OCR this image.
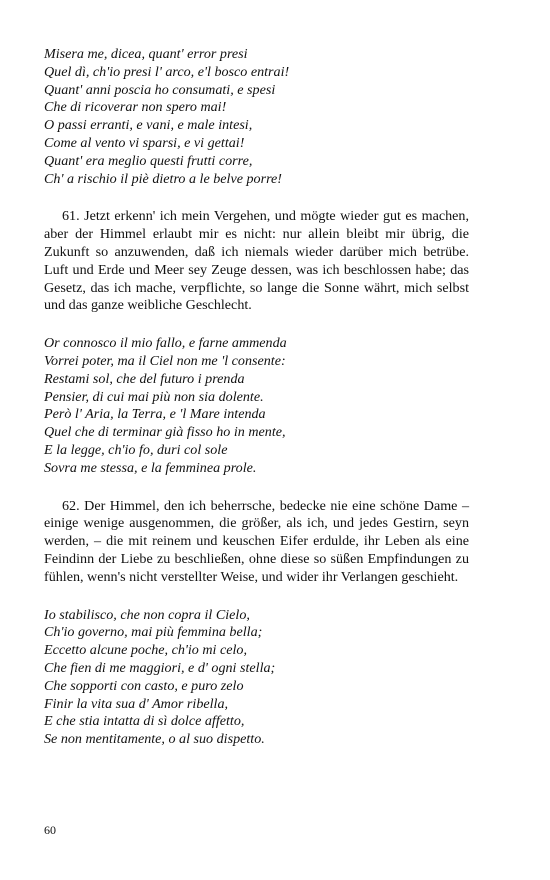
Misera me, dicea, quant' error presi
Quel dì, ch'io presi l' arco, e'l bosco entrai!
Quant' anni poscia ho consumati, e spesi
Che di ricoverar non spero mai!
O passi erranti, e vani, e male intesi,
Come al vento vi sparsi, e vi gettai!
Quant' era meglio questi frutti corre,
Ch' a rischio il piè dietro a le belve porre!

61. Jetzt erkenn' ich mein Vergehen, und mögte wieder gut es machen, aber der Himmel erlaubt mir es nicht: nur allein bleibt mir übrig, die Zukunft so anzuwenden, daß ich niemals wieder darüber mich betrübe. Luft und Erde und Meer sey Zeuge dessen, was ich beschlossen habe; das Gesetz, das ich mache, verpflichte, so lange die Sonne währt, mich selbst und das ganze weibliche Geschlecht.

Or connosco il mio fallo, e farne ammenda
Vorrei poter, ma il Ciel non me 'l consente:
Restami sol, che del futuro i prenda
Pensier, di cui mai più non sia dolente.
Però l' Aria, la Terra, e 'l Mare intenda
Quel che di terminar già fisso ho in mente,
E la legge, ch'io fo, duri col sole
Sovra me stessa, e la femminea prole.

62. Der Himmel, den ich beherrsche, bedecke nie eine schöne Dame – einige wenige ausgenommen, die größer, als ich, und jedes Gestirn, seyn werden, – die mit reinem und keuschen Eifer erdulde, ihr Leben als eine Feindinn der Liebe zu beschließen, ohne diese so süßen Empfindungen zu fühlen, wenn's nicht verstellter Weise, und wider ihr Verlangen geschieht.

Io stabilisco, che non copra il Cielo,
Ch'io governo, mai più femmina bella;
Eccetto alcune poche, ch'io mi celo,
Che fien di me maggiori, e d' ogni stella;
Che sopporti con casto, e puro zelo
Finir la vita sua d' Amor ribella,
E che stia intatta di sì dolce affetto,
Se non mentitamente, o al suo dispetto.
60
